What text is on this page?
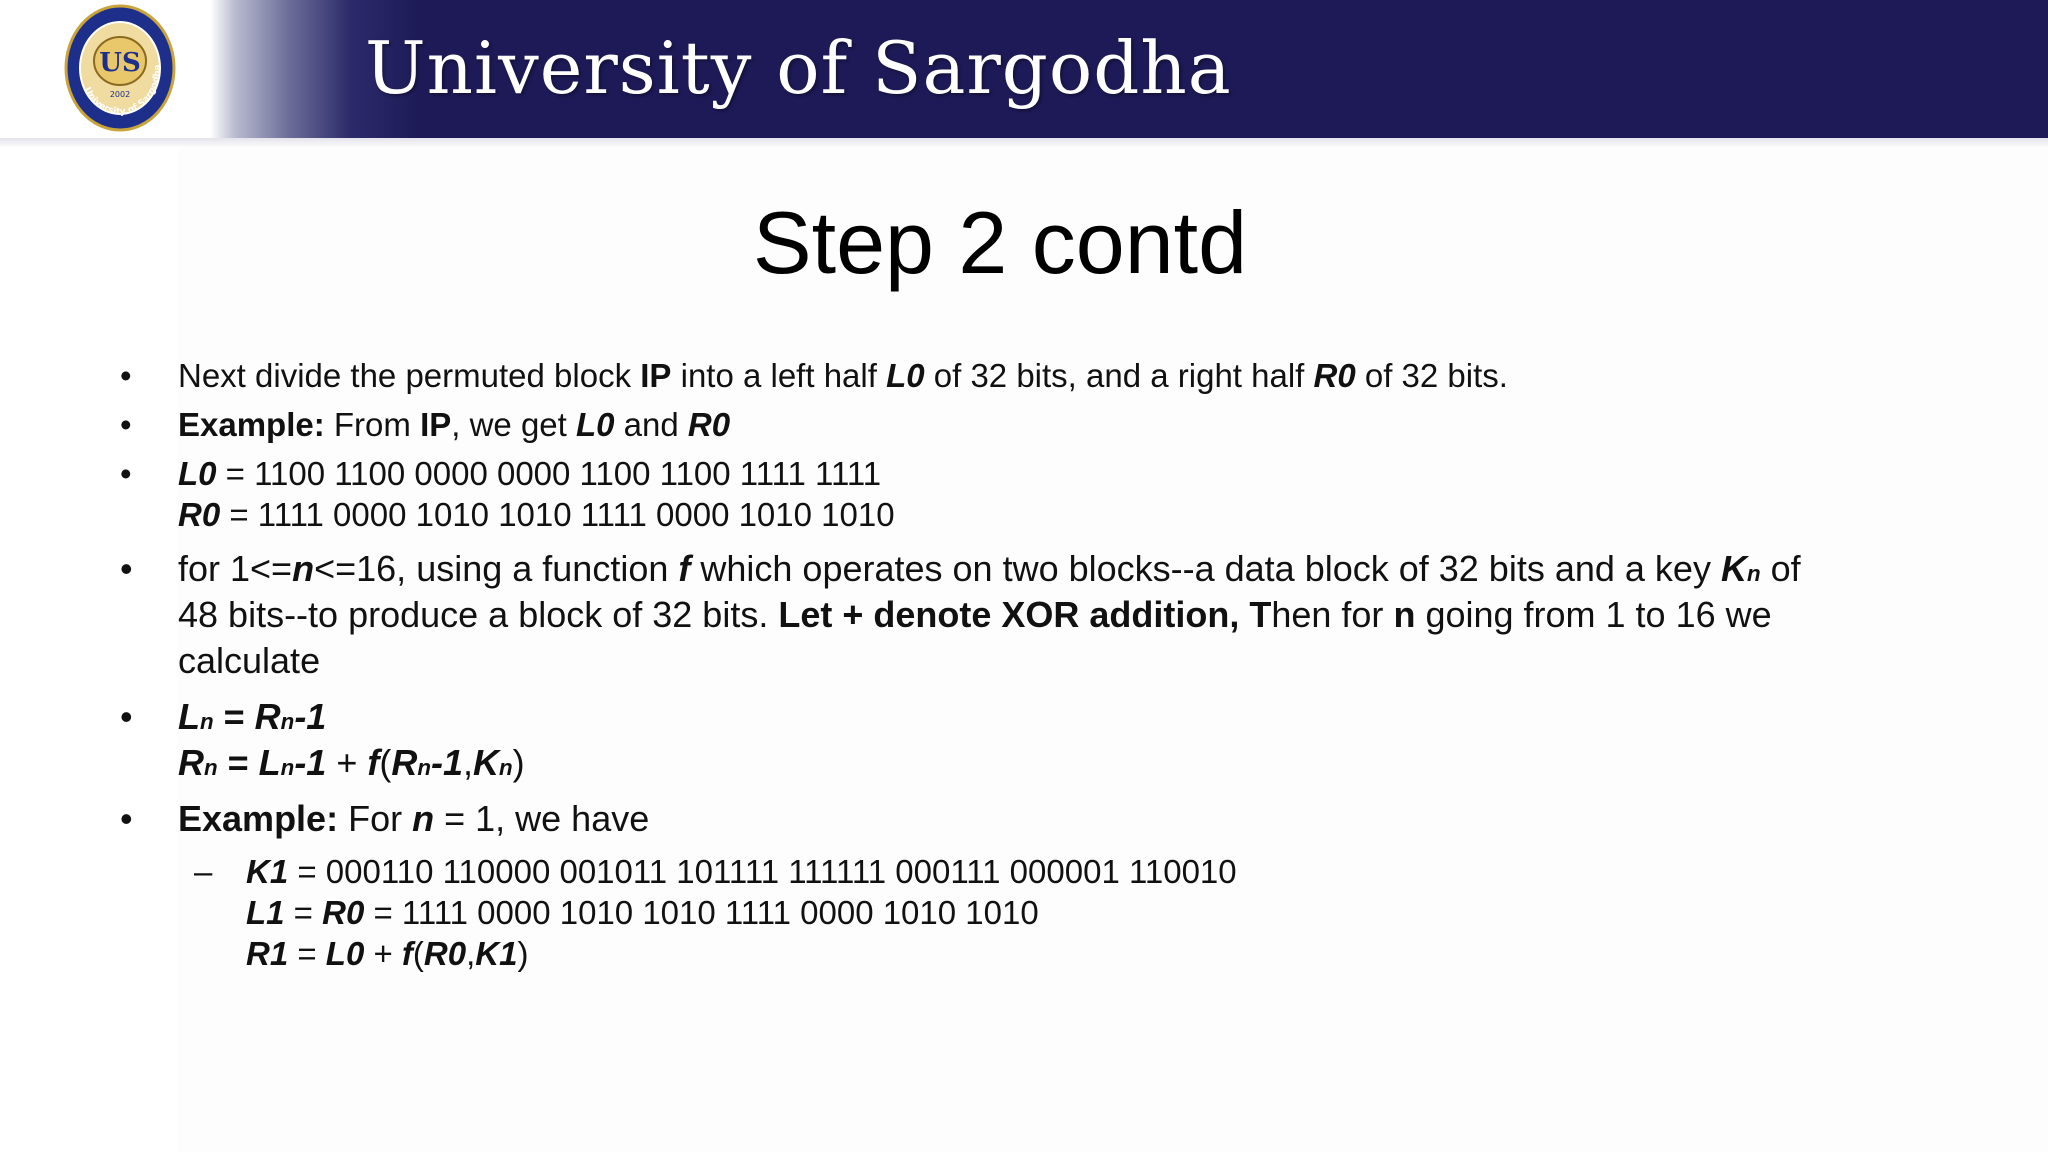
US
2002
University of Sargodha	University of Sargodha
Step 2 contd
• Next divide the permuted block IP into a left half L0 of 32 bits, and a right half R0 of 32 bits.
• Example: From IP, we get L0 and R0
• L0 = 1100 1100 0000 0000 1100 1100 1111 1111
R0 = 1111 0000 1010 1010 1111 0000 1010 1010
• for 1<=n<=16, using a function f which operates on two blocks--a data block of 32 bits and a key Kn of
48 bits--to produce a block of 32 bits. Let + denote XOR addition, Then for n going from 1 to 16 we
calculate
• Ln = Rn-1
Rn = Ln-1 + f(Rn-1,Kn)
• Example: For n = 1, we have
– K1 = 000110 110000 001011 101111 111111 000111 000001 110010
L1 = R0 = 1111 0000 1010 1010 1111 0000 1010 1010
R1 = L0 + f(R0,K1)
